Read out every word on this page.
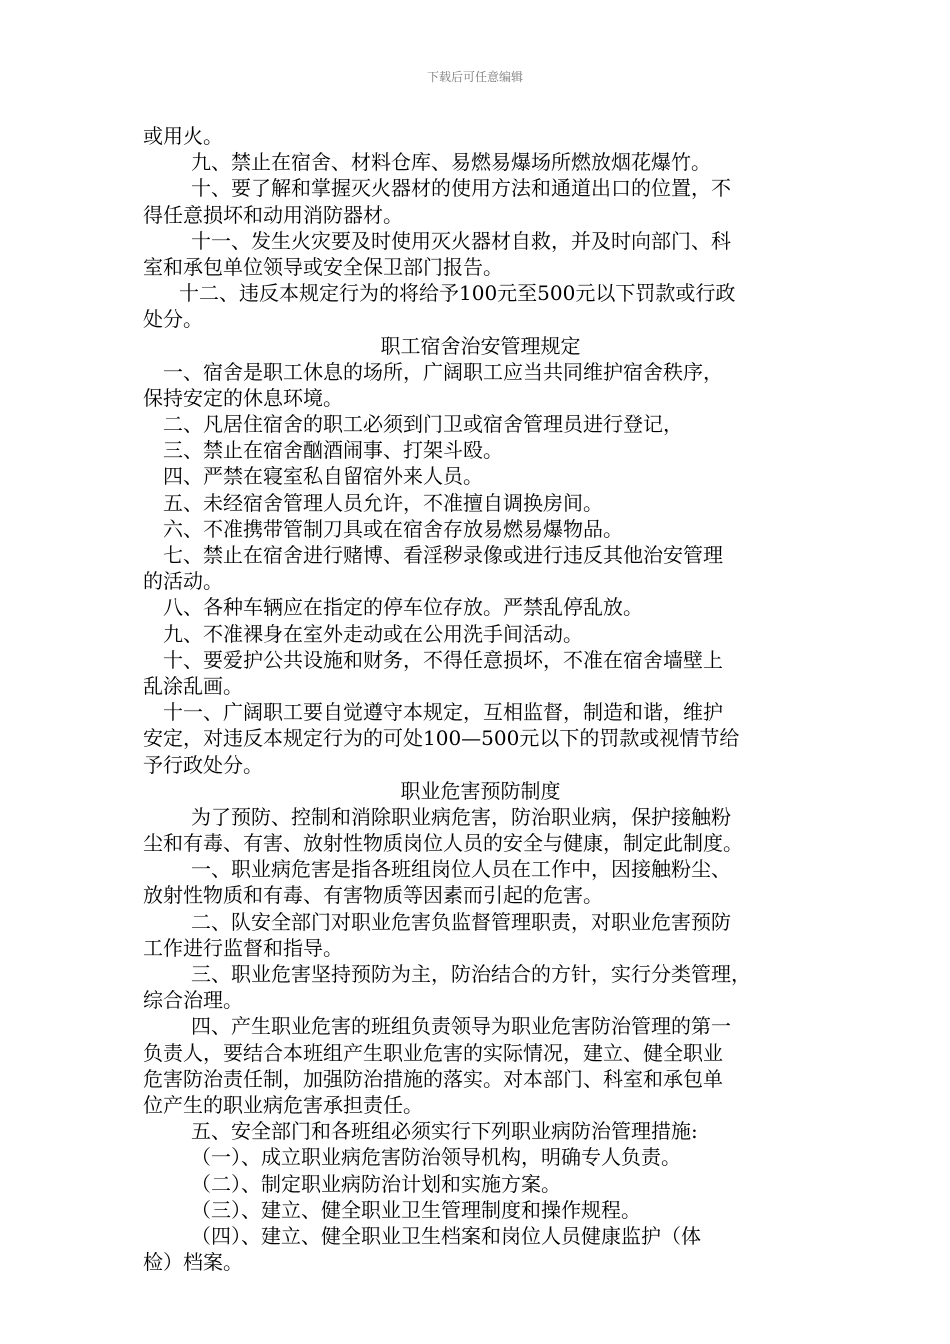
下载后可任意编辑
或用火。
九、禁止在宿舍、材料仓库、易燃易爆场所燃放烟花爆竹。
十、要了解和掌握灭火器材的使用方法和通道出口的位置，不
得任意损坏和动用消防器材。
十一、发生火灾要及时使用灭火器材自救，并及时向部门、科
室和承包单位领导或安全保卫部门报告。
十二、违反本规定行为的将给予100元至500元以下罚款或行政
处分。
职工宿舍治安管理规定
一、宿舍是职工休息的场所，广阔职工应当共同维护宿舍秩序，
保持安定的休息环境。
二、凡居住宿舍的职工必须到门卫或宿舍管理员进行登记，
三、禁止在宿舍酗酒闹事、打架斗殴。
四、严禁在寝室私自留宿外来人员。
五、未经宿舍管理人员允许，不准擅自调换房间。
六、不准携带管制刀具或在宿舍存放易燃易爆物品。
七、禁止在宿舍进行赌博、看淫秽录像或进行违反其他治安管理
的活动。
八、各种车辆应在指定的停车位存放。严禁乱停乱放。
九、不准裸身在室外走动或在公用洗手间活动。
十、要爱护公共设施和财务，不得任意损坏，不准在宿舍墙壁上
乱涂乱画。
十一、广阔职工要自觉遵守本规定，互相监督，制造和谐，维护
安定，对违反本规定行为的可处100—500元以下的罚款或视情节给
予行政处分。
职业危害预防制度
为了预防、控制和消除职业病危害，防治职业病，保护接触粉
尘和有毒、有害、放射性物质岗位人员的安全与健康，制定此制度。
一、职业病危害是指各班组岗位人员在工作中，因接触粉尘、
放射性物质和有毒、有害物质等因素而引起的危害。
二、队安全部门对职业危害负监督管理职责，对职业危害预防
工作进行监督和指导。
三、职业危害坚持预防为主，防治结合的方针，实行分类管理，
综合治理。
四、产生职业危害的班组负责领导为职业危害防治管理的第一
负责人，要结合本班组产生职业危害的实际情况，建立、健全职业
危害防治责任制，加强防治措施的落实。对本部门、科室和承包单
位产生的职业病危害承担责任。
五、安全部门和各班组必须实行下列职业病防治管理措施:
（一）、成立职业病危害防治领导机构，明确专人负责。
（二）、制定职业病防治计划和实施方案。
（三）、建立、健全职业卫生管理制度和操作规程。
（四）、建立、健全职业卫生档案和岗位人员健康监护（体
检）档案。
